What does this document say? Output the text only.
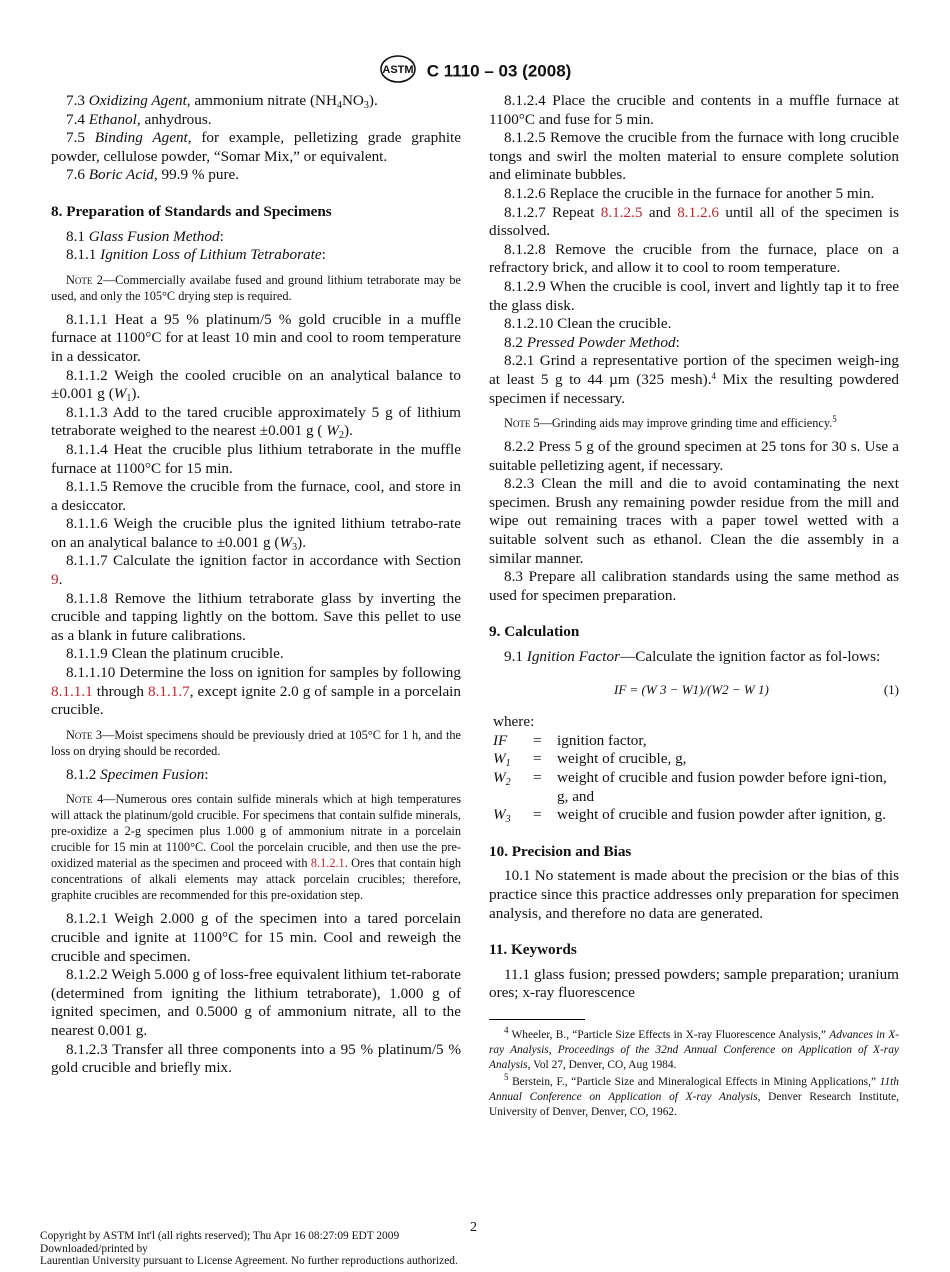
ASTM C 1110 – 03 (2008)

7.3 Oxidizing Agent, ammonium nitrate $(NH_4NO_3)$.

7.4 Ethanol, anhydrous.

7.5 Binding Agent, for example, pelletizing grade graphite powder, cellulose powder, “Somar Mix,” or equivalent.

7.6 Boric Acid, 99.9 % pure.

8. Preparation of Standards and Specimens

8.1 Glass Fusion Method:

8.1.1 Ignition Loss of Lithium Tetraborate:

Note 2—Commercially availabe fused and ground lithium tetraborate may be used, and only the 105°C drying step is required.

8.1.1.1 Heat a 95 % platinum/5 % gold crucible in a muffle furnace at 1100°C for at least 10 min and cool to room temperature in a dessicator.

8.1.1.2 Weigh the cooled crucible on an analytical balance to ±0.001 g $(W_1)$.

8.1.1.3 Add to the tared crucible approximately 5 g of lithium tetraborate weighed to the nearest ±0.001 g ( $W_2$).

8.1.1.4 Heat the crucible plus lithium tetraborate in the muffle furnace at 1100°C for 15 min.

8.1.1.5 Remove the crucible from the furnace, cool, and store in a desiccator.

8.1.1.6 Weigh the crucible plus the ignited lithium tetrabo-rate on an analytical balance to ±0.001 g $(W_3)$.

8.1.1.7 Calculate the ignition factor in accordance with Section 9.

8.1.1.8 Remove the lithium tetraborate glass by inverting the crucible and tapping lightly on the bottom. Save this pellet to use as a blank in future calibrations.

8.1.1.9 Clean the platinum crucible.

8.1.1.10 Determine the loss on ignition for samples by following 8.1.1.1 through 8.1.1.7, except ignite 2.0 g of sample in a porcelain crucible.

Note 3—Moist specimens should be previously dried at 105°C for 1 h, and the loss on drying should be recorded.

8.1.2 Specimen Fusion:

Note 4—Numerous ores contain sulfide minerals which at high temperatures will attack the platinum/gold crucible. For specimens that contain sulfide minerals, pre-oxidize a 2-g specimen plus 1.000 g of ammonium nitrate in a porcelain crucible for 15 min at 1100°C. Cool the porcelain crucible, and then use the pre-oxidized material as the specimen and proceed with 8.1.2.1. Ores that contain high concentrations of alkali elements may attack porcelain crucibles; therefore, graphite crucibles are recommended for this pre-oxidation step.

8.1.2.1 Weigh 2.000 g of the specimen into a tared porcelain crucible and ignite at 1100°C for 15 min. Cool and reweigh the crucible and specimen.

8.1.2.2 Weigh 5.000 g of loss-free equivalent lithium tet-raborate (determined from igniting the lithium tetraborate), 1.000 g of ignited specimen, and 0.5000 g of ammonium nitrate, all to the nearest 0.001 g.

8.1.2.3 Transfer all three components into a 95 % platinum/5 % gold crucible and briefly mix.

8.1.2.4 Place the crucible and contents in a muffle furnace at 1100°C and fuse for 5 min.

8.1.2.5 Remove the crucible from the furnace with long crucible tongs and swirl the molten material to ensure complete solution and eliminate bubbles.

8.1.2.6 Replace the crucible in the furnace for another 5 min.

8.1.2.7 Repeat 8.1.2.5 and 8.1.2.6 until all of the specimen is dissolved.

8.1.2.8 Remove the crucible from the furnace, place on a refractory brick, and allow it to cool to room temperature.

8.1.2.9 When the crucible is cool, invert and lightly tap it to free the glass disk.

8.1.2.10 Clean the crucible.

8.2 Pressed Powder Method:

8.2.1 Grind a representative portion of the specimen weigh-ing at least 5 g to 44 µm (325 mesh).$^4$ Mix the resulting powdered specimen if necessary.

Note 5—Grinding aids may improve grinding time and efficiency.$^5$

8.2.2 Press 5 g of the ground specimen at 25 tons for 30 s. Use a suitable pelletizing agent, if necessary.

8.2.3 Clean the mill and die to avoid contaminating the next specimen. Brush any remaining powder residue from the mill and wipe out remaining traces with a paper towel wetted with a suitable solvent such as ethanol. Clean the die assembly in a similar manner.

8.3 Prepare all calibration standards using the same method as used for specimen preparation.

9. Calculation

9.1 Ignition Factor—Calculate the ignition factor as fol-lows:

IF = (W 3 − W1)/(W2 − W 1)	(1)

where:

IF	=	ignition factor,
$W_1$	=	weight of crucible, g,
$W_2$	=	weight of crucible and fusion powder before igni-tion, g, and
$W_3$	=	weight of crucible and fusion powder after ignition, g.

10. Precision and Bias

10.1 No statement is made about the precision or the bias of this practice since this practice addresses only preparation for specimen analysis, and therefore no data are generated.

11. Keywords

11.1 glass fusion; pressed powders; sample preparation; uranium ores; x-ray fluorescence

$^4$ Wheeler, B., “Particle Size Effects in X-ray Fluorescence Analysis,” Advances in X-ray Analysis, Proceedings of the 32nd Annual Conference on Application of X-ray Analysis, Vol 27, Denver, CO, Aug 1984.

$^5$ Berstein, F., “Particle Size and Mineralogical Effects in Mining Applications,” 11th Annual Conference on Application of X-ray Analysis, Denver Research Institute, University of Denver, Denver, CO, 1962.

2
Copyright by ASTM Int'l (all rights reserved); Thu Apr 16 08:27:09 EDT 2009
Downloaded/printed by
Laurentian University pursuant to License Agreement. No further reproductions authorized.
